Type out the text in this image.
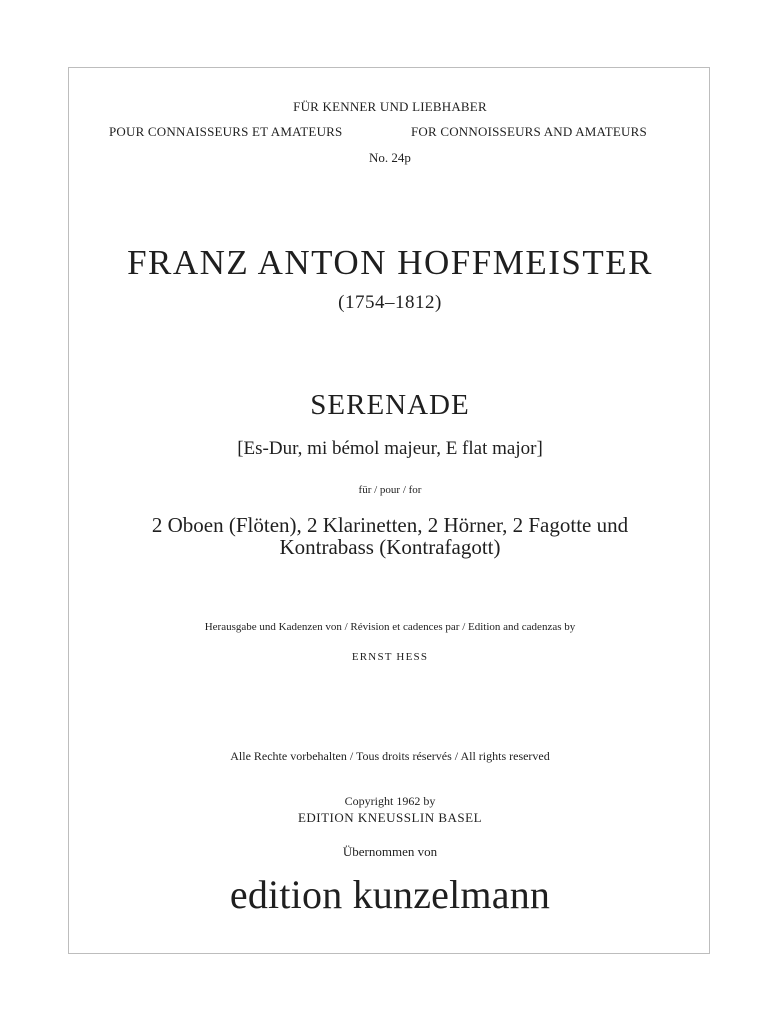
FÜR KENNER UND LIEBHABER
POUR CONNAISSEURS ET AMATEURS	FOR CONNOISSEURS AND AMATEURS
No. 24p
FRANZ ANTON HOFFMEISTER
(1754–1812)
SERENADE
[Es-Dur, mi bémol majeur, E flat major]
für / pour / for
2 Oboen (Flöten), 2 Klarinetten, 2 Hörner, 2 Fagotte und
Kontrabass (Kontrafagott)
Herausgabe und Kadenzen von / Révision et cadences par / Edition and cadenzas by
ERNST HESS
Alle Rechte vorbehalten / Tous droits réservés / All rights reserved
Copyright 1962 by
EDITION KNEUSSLIN BASEL
Übernommen von
edition kunzelmann
